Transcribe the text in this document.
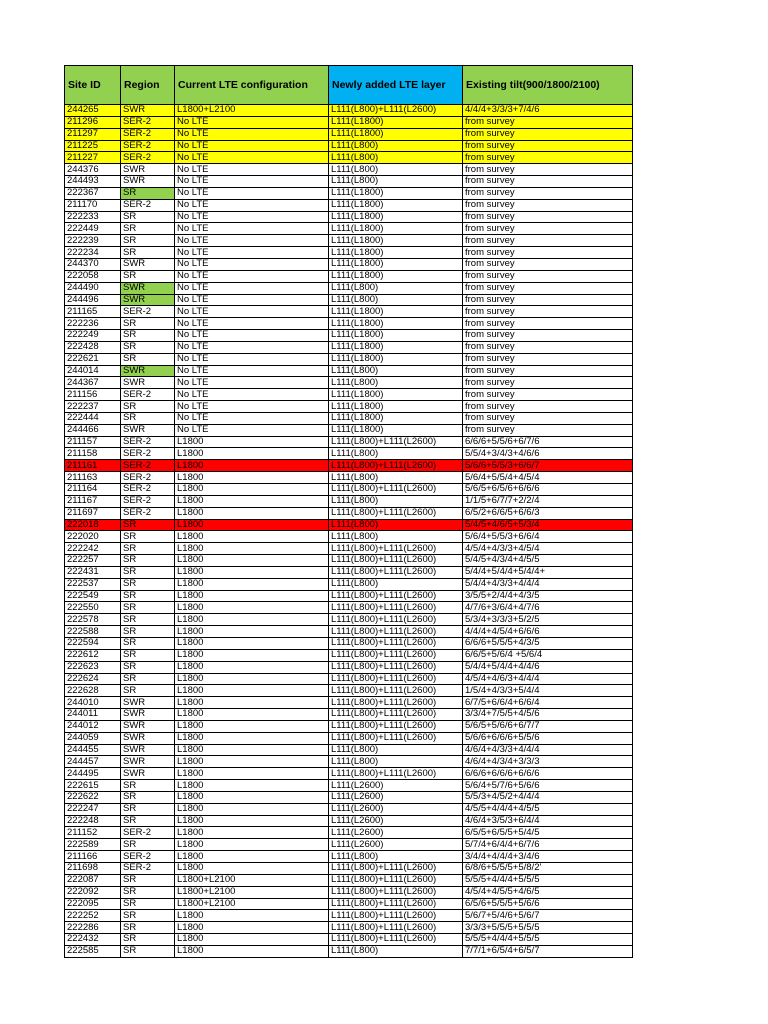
Site ID	Region	Current LTE configuration	Newly added LTE layer	Existing tilt(900/1800/2100)
244265	SWR	L1800+L2100	L111(L800)+L111(L2600)	4/4/4+3/3/3+7/4/6
211296	SER-2	No LTE	L111(L1800)	from survey
211297	SER-2	No LTE	L111(L1800)	from survey
211225	SER-2	No LTE	L111(L800)	from survey
211227	SER-2	No LTE	L111(L800)	from survey
244376	SWR	No LTE	L111(L800)	from survey
244493	SWR	No LTE	L111(L800)	from survey
222367	SR	No LTE	L111(L1800)	from survey
211170	SER-2	No LTE	L111(L1800)	from survey
222233	SR	No LTE	L111(L1800)	from survey
222449	SR	No LTE	L111(L1800)	from survey
222239	SR	No LTE	L111(L1800)	from survey
222234	SR	No LTE	L111(L1800)	from survey
244370	SWR	No LTE	L111(L1800)	from survey
222058	SR	No LTE	L111(L1800)	from survey
244490	SWR	No LTE	L111(L800)	from survey
244496	SWR	No LTE	L111(L800)	from survey
211165	SER-2	No LTE	L111(L1800)	from survey
222236	SR	No LTE	L111(L1800)	from survey
222249	SR	No LTE	L111(L1800)	from survey
222428	SR	No LTE	L111(L1800)	from survey
222621	SR	No LTE	L111(L1800)	from survey
244014	SWR	No LTE	L111(L800)	from survey
244367	SWR	No LTE	L111(L800)	from survey
211156	SER-2	No LTE	L111(L1800)	from survey
222237	SR	No LTE	L111(L1800)	from survey
222444	SR	No LTE	L111(L1800)	from survey
244466	SWR	No LTE	L111(L1800)	from survey
211157	SER-2	L1800	L111(L800)+L111(L2600)	6/6/6+5/5/6+6/7/6
211158	SER-2	L1800	L111(L800)	5/5/4+3/4/3+4/6/6
211161	SER-2	L1800	L111(L800)+L111(L2600)	5/6/6+5/5/3+6/6/7
211163	SER-2	L1800	L111(L800)	5/6/4+5/5/4+4/5/4
211164	SER-2	L1800	L111(L800)+L111(L2600)	5/6/5+6/5/6+6/6/6
211167	SER-2	L1800	L111(L800)	1/1/5+6/7/7+2/2/4
211697	SER-2	L1800	L111(L800)+L111(L2600)	6/5/2+6/6/5+6/6/3
222018	SR	L1800	L111(L800)	5/4/5+4/6/5+5/3/4
222020	SR	L1800	L111(L800)	5/6/4+5/5/3+6/6/4
222242	SR	L1800	L111(L800)+L111(L2600)	4/5/4+4/3/3+4/5/4
222257	SR	L1800	L111(L800)+L111(L2600)	5/4/5+4/3/4+4/5/5
222431	SR	L1800	L111(L800)+L111(L2600)	5/4/4+5/4/4+5/4/4+
222537	SR	L1800	L111(L800)	5/4/4+4/3/3+4/4/4
222549	SR	L1800	L111(L800)+L111(L2600)	3/5/5+2/4/4+4/3/5
222550	SR	L1800	L111(L800)+L111(L2600)	4/7/6+3/6/4+4/7/6
222578	SR	L1800	L111(L800)+L111(L2600)	5/3/4+3/3/3+5/2/5
222588	SR	L1800	L111(L800)+L111(L2600)	4/4/4+4/5/4+6/6/6
222594	SR	L1800	L111(L800)+L111(L2600)	6/6/6+5/5/5+4/3/5
222612	SR	L1800	L111(L800)+L111(L2600)	6/6/5+5/6/4 +5/6/4
222623	SR	L1800	L111(L800)+L111(L2600)	5/4/4+5/4/4+4/4/6
222624	SR	L1800	L111(L800)+L111(L2600)	4/5/4+4/6/3+4/4/4
222628	SR	L1800	L111(L800)+L111(L2600)	1/5/4+4/3/3+5/4/4
244010	SWR	L1800	L111(L800)+L111(L2600)	6/7/5+6/6/4+6/6/4
244011	SWR	L1800	L111(L800)+L111(L2600)	3/3/4+7/5/5+4/5/6
244012	SWR	L1800	L111(L800)+L111(L2600)	5/6/5+5/6/6+6/7/7
244059	SWR	L1800	L111(L800)+L111(L2600)	5/6/6+6/6/6+5/5/6
244455	SWR	L1800	L111(L800)	4/6/4+4/3/3+4/4/4
244457	SWR	L1800	L111(L800)	4/6/4+4/3/4+3/3/3
244495	SWR	L1800	L111(L800)+L111(L2600)	6/6/6+6/6/6+6/6/6
222615	SR	L1800	L111(L2600)	5/6/4+5/7/6+5/6/6
222622	SR	L1800	L111(L2600)	5/5/3+4/5/2+4/4/4
222247	SR	L1800	L111(L2600)	4/5/5+4/4/4+4/5/5
222248	SR	L1800	L111(L2600)	4/6/4+3/5/3+6/4/4
211152	SER-2	L1800	L111(L2600)	6/5/5+6/5/5+5/4/5
222589	SR	L1800	L111(L2600)	5/7/4+6/4/4+6/7/6
211166	SER-2	L1800	L111(L800)	3/4/4+4/4/4+3/4/6
211698	SER-2	L1800	L111(L800)+L111(L2600)	6/8/6+5/5/5+5/8/2'
222087	SR	L1800+L2100	L111(L800)+L111(L2600)	5/5/5+4/4/4+5/5/5
222092	SR	L1800+L2100	L111(L800)+L111(L2600)	4/5/4+4/5/5+4/6/5
222095	SR	L1800+L2100	L111(L800)+L111(L2600)	6/5/6+5/5/5+5/6/6
222252	SR	L1800	L111(L800)+L111(L2600)	5/6/7+5/4/6+5/6/7
222286	SR	L1800	L111(L800)+L111(L2600)	3/3/3+5/5/5+5/5/5
222432	SR	L1800	L111(L800)+L111(L2600)	5/5/5+4/4/4+5/5/5
222585	SR	L1800	L111(L800)	7/7/1+6/5/4+6/5/7
